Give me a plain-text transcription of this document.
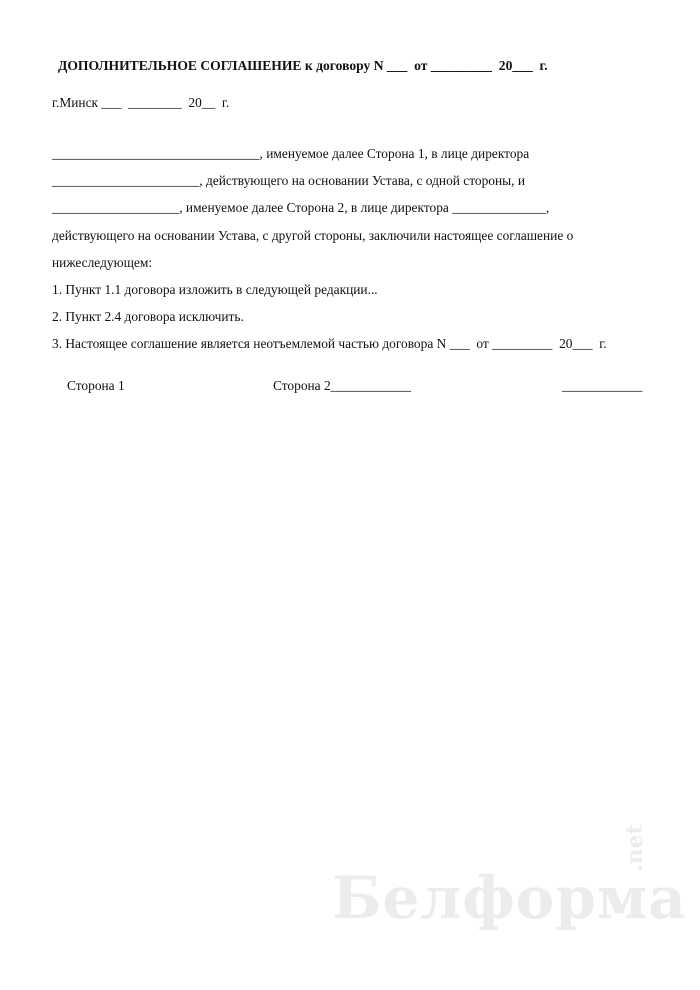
ДОПОЛНИТЕЛЬНОЕ СОГЛАШЕНИЕ к договору N ___  от _________  20___  г.
г.Минск ___  ________  20__  г.
_______________________________, именуемое далее Сторона 1, в лице директора
______________________, действующего на основании Устава, с одной стороны, и
___________________, именуемое далее Сторона 2, в лице директора ______________,
действующего на основании Устава, с другой стороны, заключили настоящее соглашение о
нижеследующем:
1. Пункт 1.1 договора изложить в следующей редакции...
2. Пункт 2.4 договора исключить.
3. Настоящее соглашение является неотъемлемой частью договора N ___  от _________  20___  г.
Сторона 1	Сторона 2____________	____________
Белформа
.net
